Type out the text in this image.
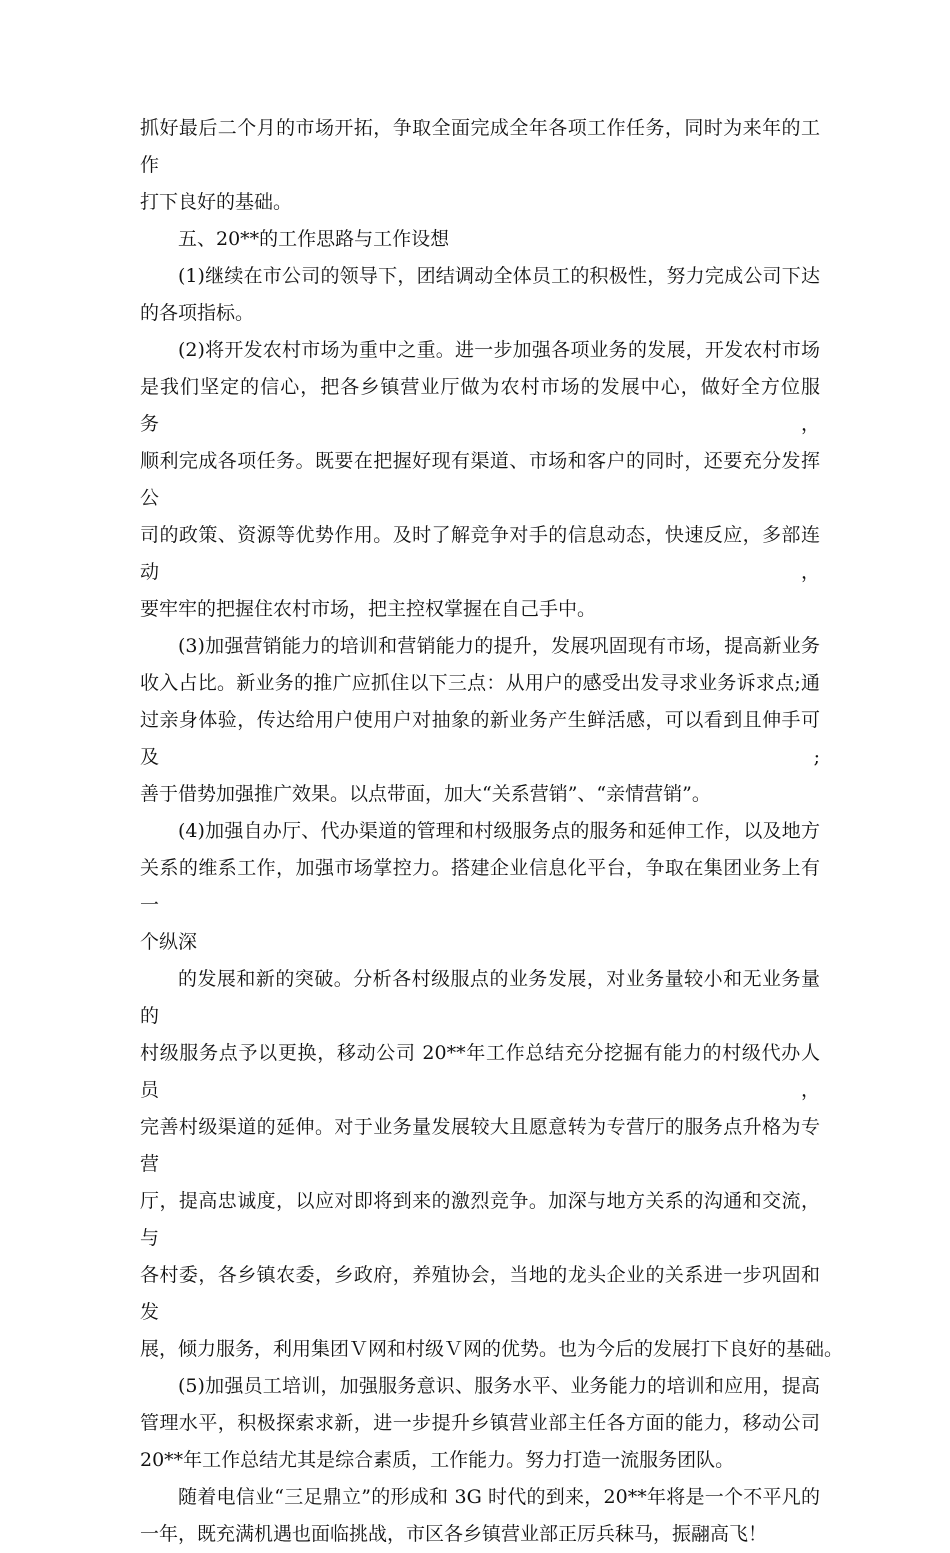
抓好最后二个月的市场开拓，争取全面完成全年各项工作任务，同时为来年的工作
打下良好的基础。
五、20**的工作思路与工作设想
(1)继续在市公司的领导下，团结调动全体员工的积极性，努力完成公司下达
的各项指标。
(2)将开发农村市场为重中之重。进一步加强各项业务的发展，开发农村市场
是我们坚定的信心，把各乡镇营业厅做为农村市场的发展中心，做好全方位服务，
顺利完成各项任务。既要在把握好现有渠道、市场和客户的同时，还要充分发挥公
司的政策、资源等优势作用。及时了解竞争对手的信息动态，快速反应，多部连动，
要牢牢的把握住农村市场，把主控权掌握在自己手中。
(3)加强营销能力的培训和营销能力的提升，发展巩固现有市场，提高新业务
收入占比。新业务的推广应抓住以下三点：从用户的感受出发寻求业务诉求点;通
过亲身体验，传达给用户使用户对抽象的新业务产生鲜活感，可以看到且伸手可及;
善于借势加强推广效果。以点带面，加大“关系营销”、“亲情营销”。
(4)加强自办厅、代办渠道的管理和村级服务点的服务和延伸工作，以及地方
关系的维系工作，加强市场掌控力。搭建企业信息化平台，争取在集团业务上有一
个纵深
的发展和新的突破。分析各村级服点的业务发展，对业务量较小和无业务量的
村级服务点予以更换，移动公司 20**年工作总结充分挖掘有能力的村级代办人员，
完善村级渠道的延伸。对于业务量发展较大且愿意转为专营厅的服务点升格为专营
厅，提高忠诚度，以应对即将到来的激烈竞争。加深与地方关系的沟通和交流，与
各村委，各乡镇农委，乡政府，养殖协会，当地的龙头企业的关系进一步巩固和发
展，倾力服务，利用集团Ｖ网和村级Ｖ网的优势。也为今后的发展打下良好的基础。
(5)加强员工培训，加强服务意识、服务水平、业务能力的培训和应用，提高
管理水平，积极探索求新，进一步提升乡镇营业部主任各方面的能力，移动公司
20**年工作总结尤其是综合素质，工作能力。努力打造一流服务团队。
随着电信业“三足鼎立”的形成和 3G 时代的到来，20**年将是一个不平凡的
一年，既充满机遇也面临挑战，市区各乡镇营业部正厉兵秣马，振翮高飞！
